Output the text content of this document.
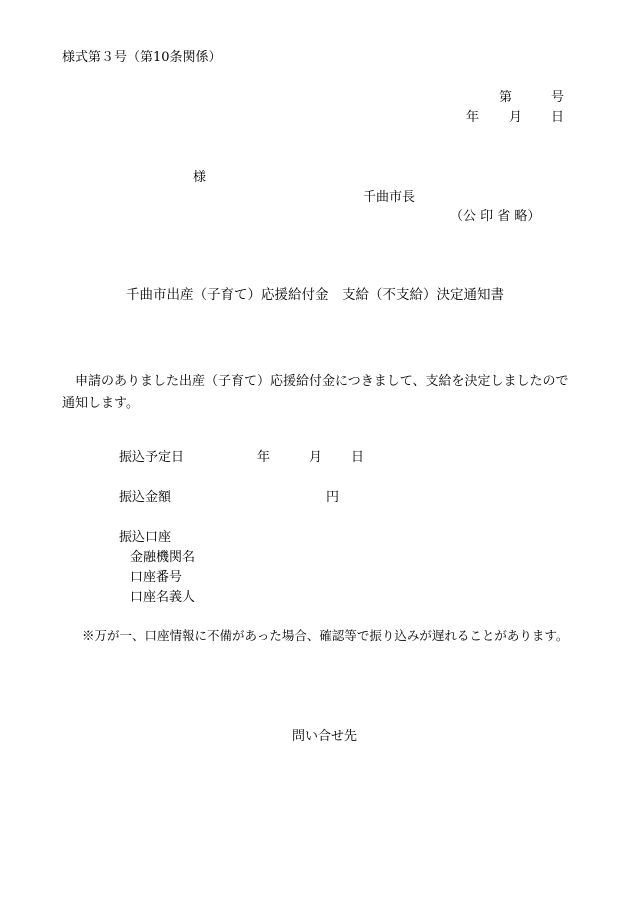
様式第３号（第10条関係）
第	号
年 月 日
様
千曲市長
（公 印 省 略）
千曲市出産（子育て）応援給付金　支給（不支給）決定通知書
申請のありました出産（子育て）応援給付金につきまして、支給を決定しましたので通知します。
振込予定日	年	月 日
振込金額	円
振込口座
金融機関名
口座番号
口座名義人
※万が一、口座情報に不備があった場合、確認等で振り込みが遅れることがあります。
問い合せ先
